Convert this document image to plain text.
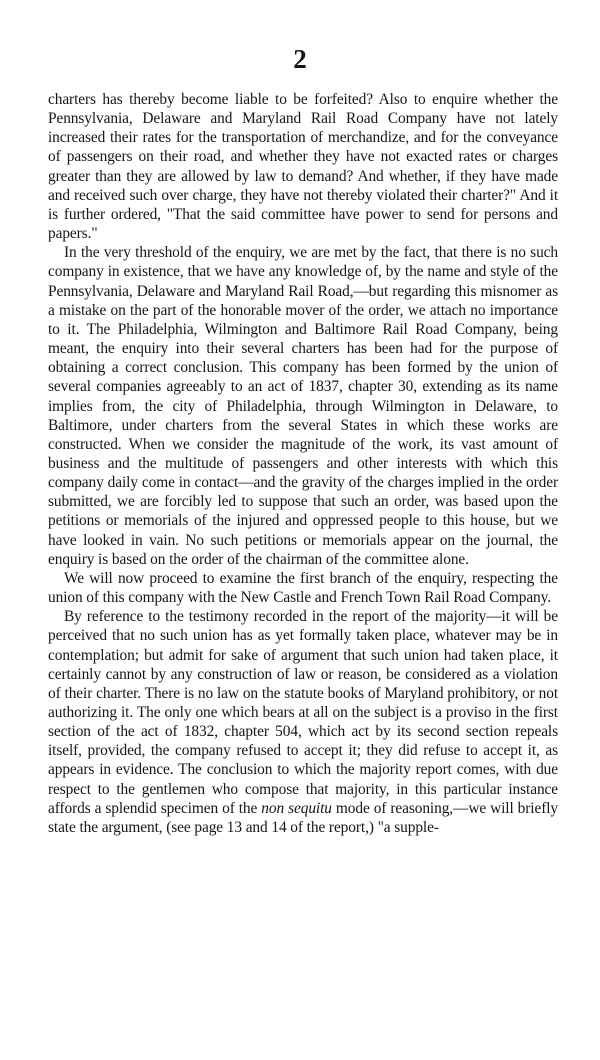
2

charters has thereby become liable to be forfeited? Also to enquire whether the Pennsylvania, Delaware and Maryland Rail Road Company have not lately increased their rates for the transportation of merchandize, and for the conveyance of passengers on their road, and whether they have not exacted rates or charges greater than they are allowed by law to demand? And whether, if they have made and received such over charge, they have not thereby violated their charter?" And it is further ordered, "That the said committee have power to send for persons and papers."

In the very threshold of the enquiry, we are met by the fact, that there is no such company in existence, that we have any knowledge of, by the name and style of the Pennsylvania, Delaware and Maryland Rail Road,—but regarding this misnomer as a mistake on the part of the honorable mover of the order, we attach no importance to it. The Philadelphia, Wilmington and Baltimore Rail Road Company, being meant, the enquiry into their several charters has been had for the purpose of obtaining a correct conclusion. This company has been formed by the union of several companies agreeably to an act of 1837, chapter 30, extending as its name implies from, the city of Philadelphia, through Wilmington in Delaware, to Baltimore, under charters from the several States in which these works are constructed. When we consider the magnitude of the work, its vast amount of business and the multitude of passengers and other interests with which this company daily come in contact—and the gravity of the charges implied in the order submitted, we are forcibly led to suppose that such an order, was based upon the petitions or memorials of the injured and oppressed people to this house, but we have looked in vain. No such petitions or memorials appear on the journal, the enquiry is based on the order of the chairman of the committee alone.

We will now proceed to examine the first branch of the enquiry, respecting the union of this company with the New Castle and French Town Rail Road Company.

By reference to the testimony recorded in the report of the majority—it will be perceived that no such union has as yet formally taken place, whatever may be in contemplation; but admit for sake of argument that such union had taken place, it certainly cannot by any construction of law or reason, be considered as a violation of their charter. There is no law on the statute books of Maryland prohibitory, or not authorizing it. The only one which bears at all on the subject is a proviso in the first section of the act of 1832, chapter 504, which act by its second section repeals itself, provided, the company refused to accept it; they did refuse to accept it, as appears in evidence. The conclusion to which the majority report comes, with due respect to the gentlemen who compose that majority, in this particular instance affords a splendid specimen of the non sequitu mode of reasoning,—we will briefly state the argument, (see page 13 and 14 of the report,) "a supple-
